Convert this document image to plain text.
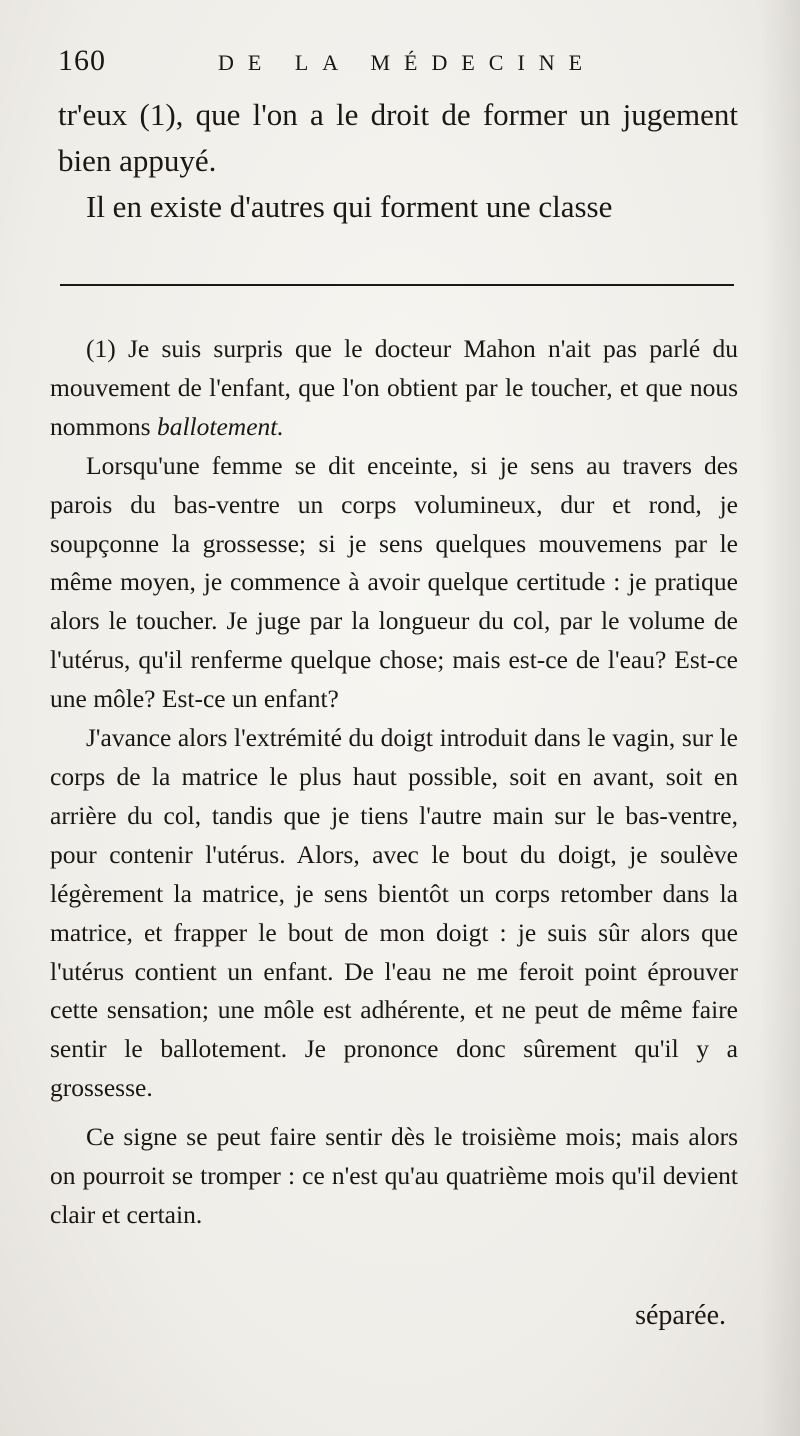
160	DE LA MÉDECINE

tr'eux (1), que l'on a le droit de former un jugement bien appuyé.

Il en existe d'autres qui forment une classe

(1) Je suis surpris que le docteur Mahon n'ait pas parlé du mouvement de l'enfant, que l'on obtient par le toucher, et que nous nommons ballotement.

Lorsqu'une femme se dit enceinte, si je sens au travers des parois du bas-ventre un corps volumineux, dur et rond, je soupçonne la grossesse; si je sens quelques mouvemens par le même moyen, je commence à avoir quelque certitude : je pratique alors le toucher. Je juge par la longueur du col, par le volume de l'utérus, qu'il renferme quelque chose; mais est-ce de l'eau? Est-ce une môle? Est-ce un enfant?

J'avance alors l'extrémité du doigt introduit dans le vagin, sur le corps de la matrice le plus haut possible, soit en avant, soit en arrière du col, tandis que je tiens l'autre main sur le bas-ventre, pour contenir l'utérus. Alors, avec le bout du doigt, je soulève légèrement la matrice, je sens bientôt un corps retomber dans la matrice, et frapper le bout de mon doigt : je suis sûr alors que l'utérus contient un enfant. De l'eau ne me feroit point éprouver cette sensation; une môle est adhérente, et ne peut de même faire sentir le ballotement. Je prononce donc sûrement qu'il y a grossesse.

Ce signe se peut faire sentir dès le troisième mois; mais alors on pourroit se tromper : ce n'est qu'au quatrième mois qu'il devient clair et certain.

séparée.
